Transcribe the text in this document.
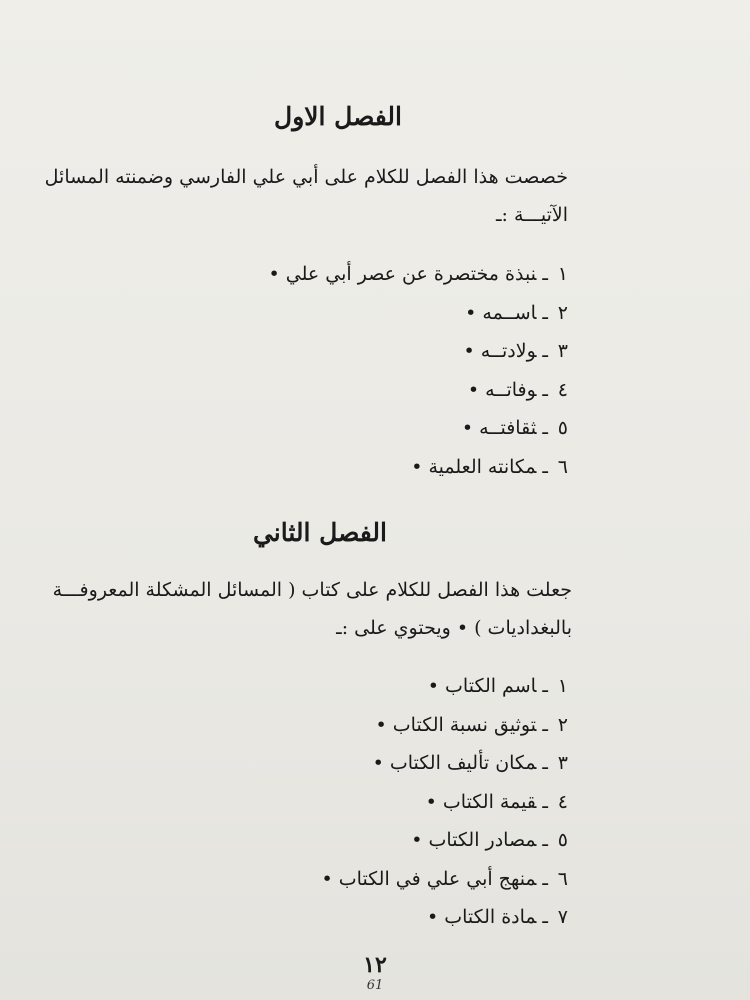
الفصل الاول
خصصت هذا الفصل للكلام على أبي علي الفارسي وضمنته المسائل
الآتيـــة :ـ
١ـنبذة مختصرة عن عصر أبي علي •
٢ـاســمه •
٣ـولادتــه •
٤ـوفاتــه •
٥ـثقافتــه •
٦ـمكانته العلمية •
الفصل الثاني
جعلت هذا الفصل للكلام على كتاب ( المسائل المشكلة المعروفـــة
بالبغداديات ) • ويحتوي على :ـ
١ـاسم الكتاب •
٢ـتوثيق نسبة الكتاب •
٣ـمكان تأليف الكتاب •
٤ـقيمة الكتاب •
٥ـمصادر الكتاب •
٦ـمنهج أبي علي في الكتاب •
٧ـمادة الكتاب •
١٢
61
